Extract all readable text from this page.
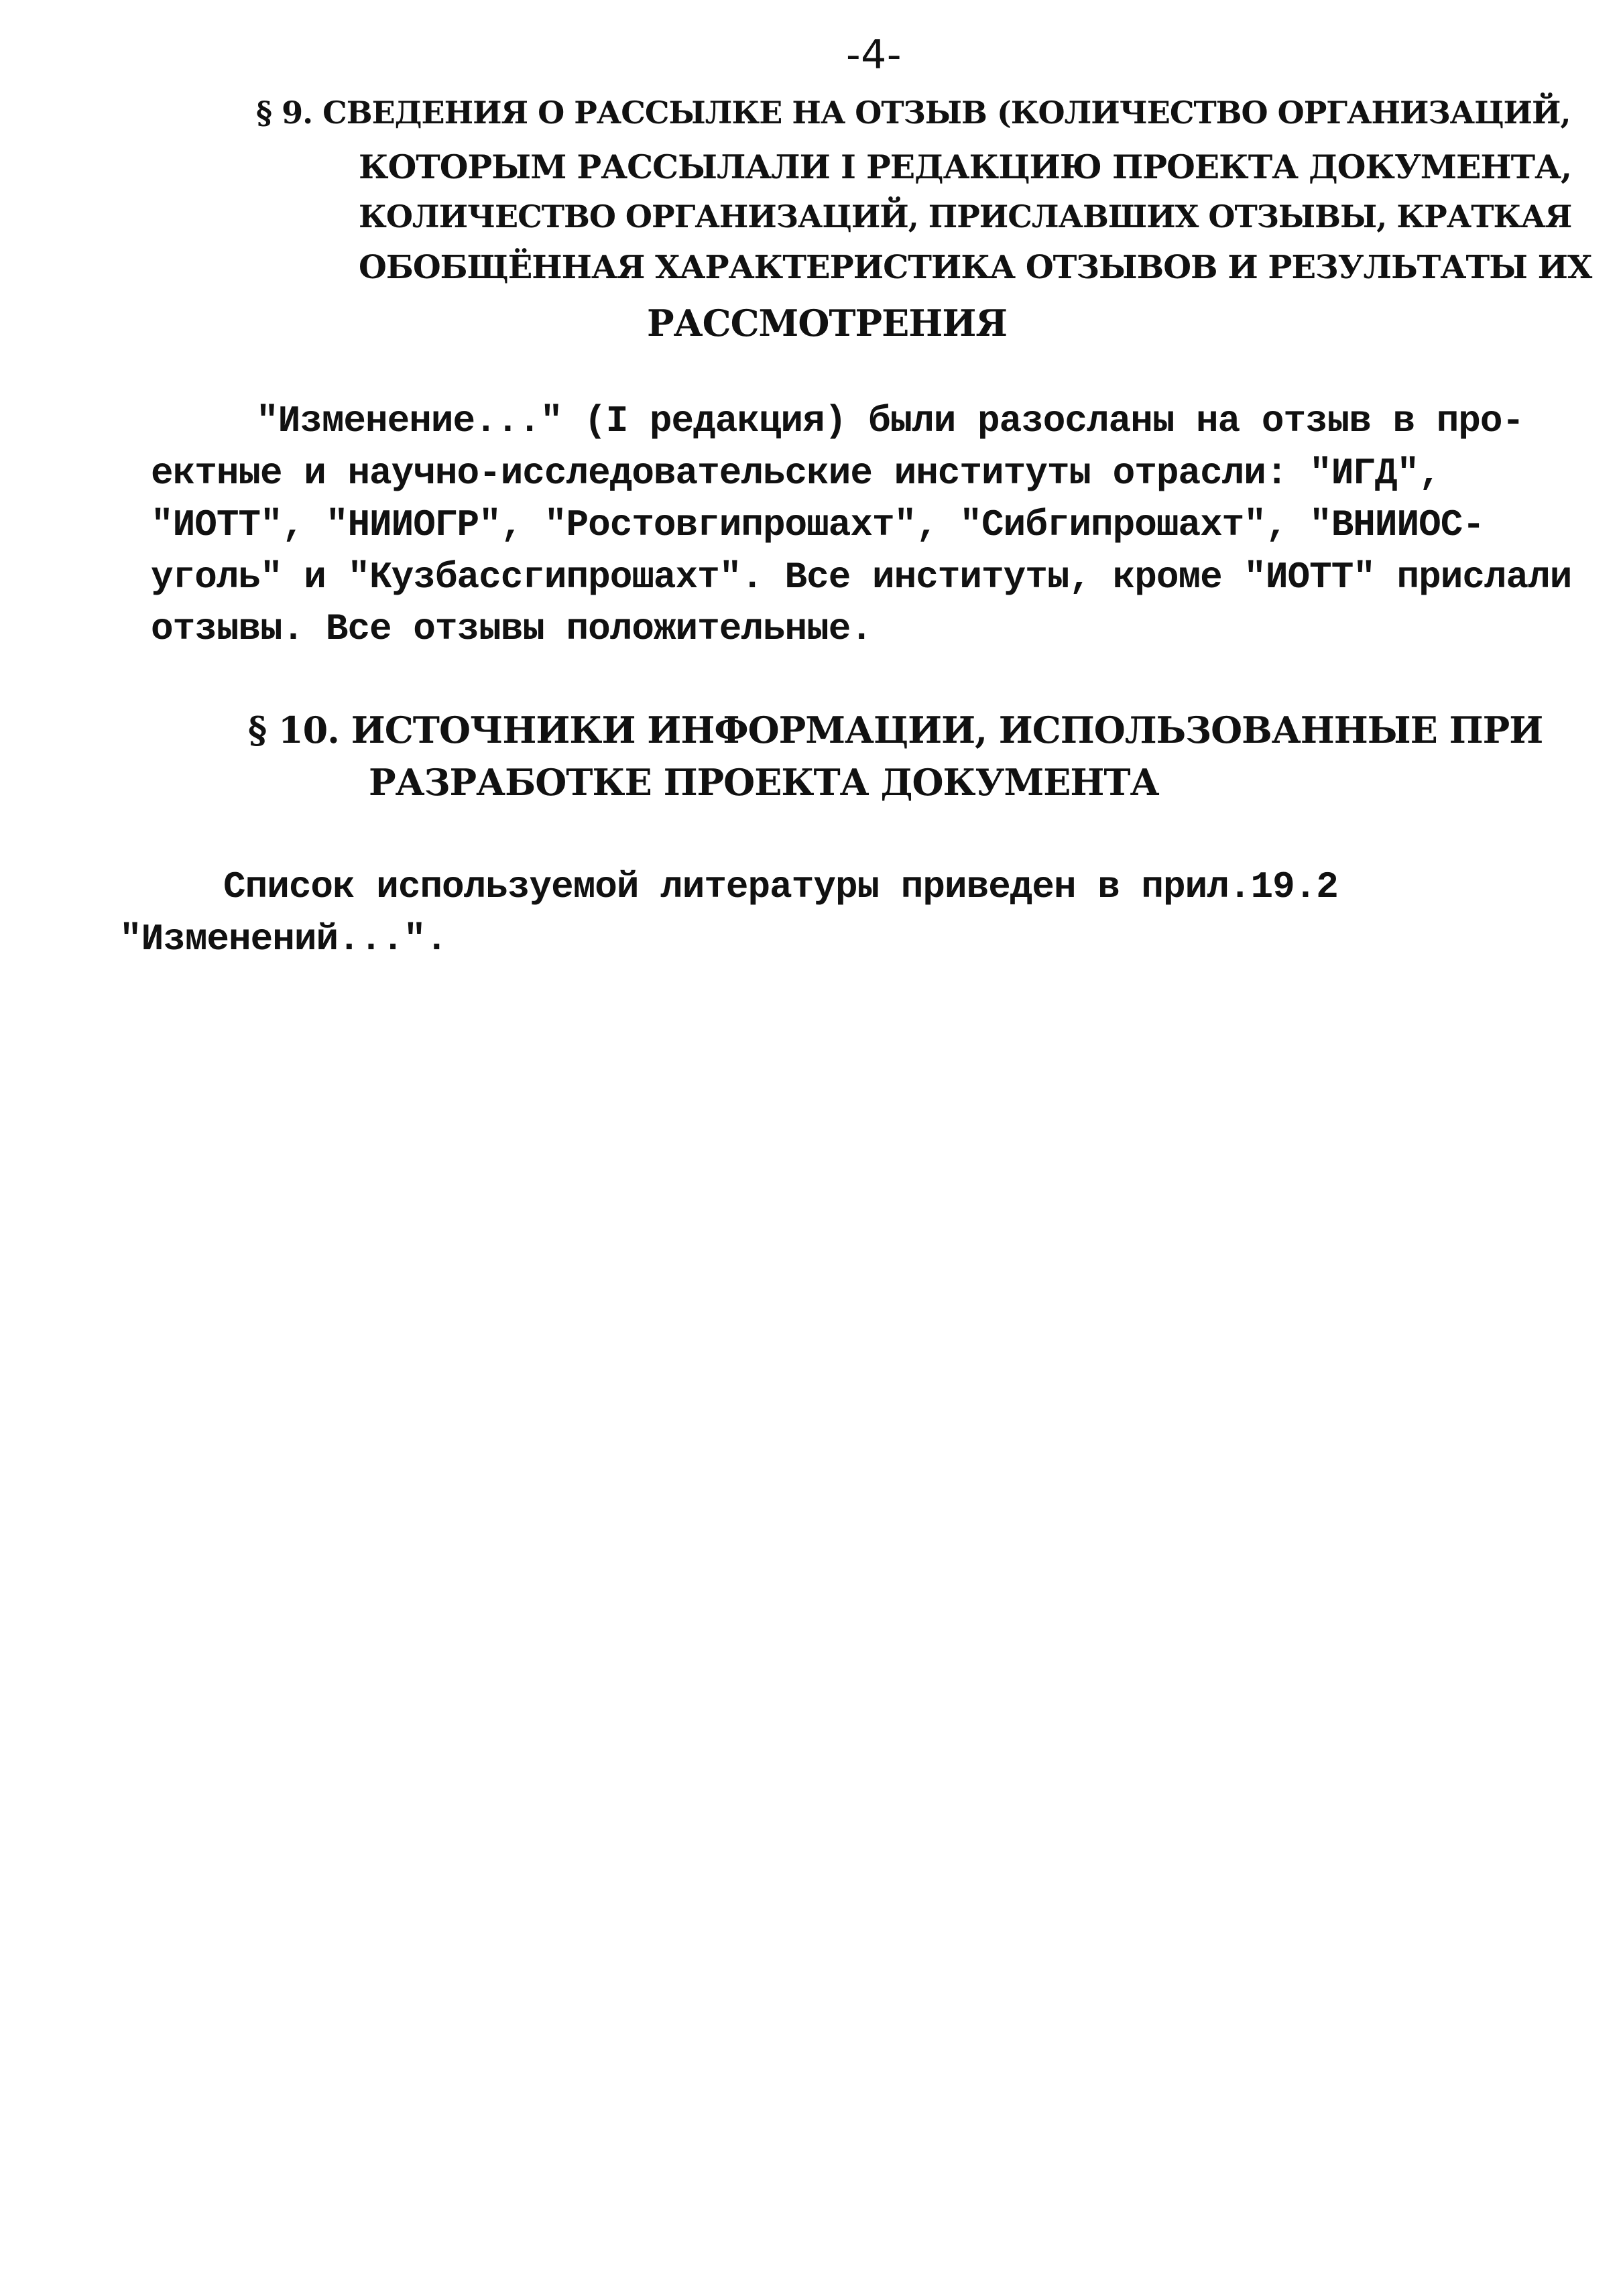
-4-
§ 9. СВЕДЕНИЯ О РАССЫЛКЕ НА ОТЗЫВ (КОЛИЧЕСТВО ОРГАНИЗАЦИЙ,
КОТОРЫМ РАССЫЛАЛИ I РЕДАКЦИЮ ПРОЕКТА ДОКУМЕНТА,
КОЛИЧЕСТВО ОРГАНИЗАЦИЙ, ПРИСЛАВШИХ ОТЗЫВЫ, КРАТКАЯ
ОБОБЩЁННАЯ ХАРАКТЕРИСТИКА ОТЗЫВОВ И РЕЗУЛЬТАТЫ ИХ
РАССМОТРЕНИЯ
"Изменение..." (I редакция) были разосланы на отзыв в про-
ектные и научно-исследовательские институты отрасли: "ИГД",
"ИОТТ", "НИИОГР", "Ростовгипрошахт", "Сибгипрошахт", "ВНИИОС-
уголь" и "Кузбассгипрошахт". Все институты, кроме "ИОТТ" прислали
отзывы. Все отзывы положительные.
§ 10. ИСТОЧНИКИ ИНФОРМАЦИИ, ИСПОЛЬЗОВАННЫЕ ПРИ
РАЗРАБОТКЕ ПРОЕКТА ДОКУМЕНТА
Список используемой литературы приведен в прил.19.2
"Изменений...".
